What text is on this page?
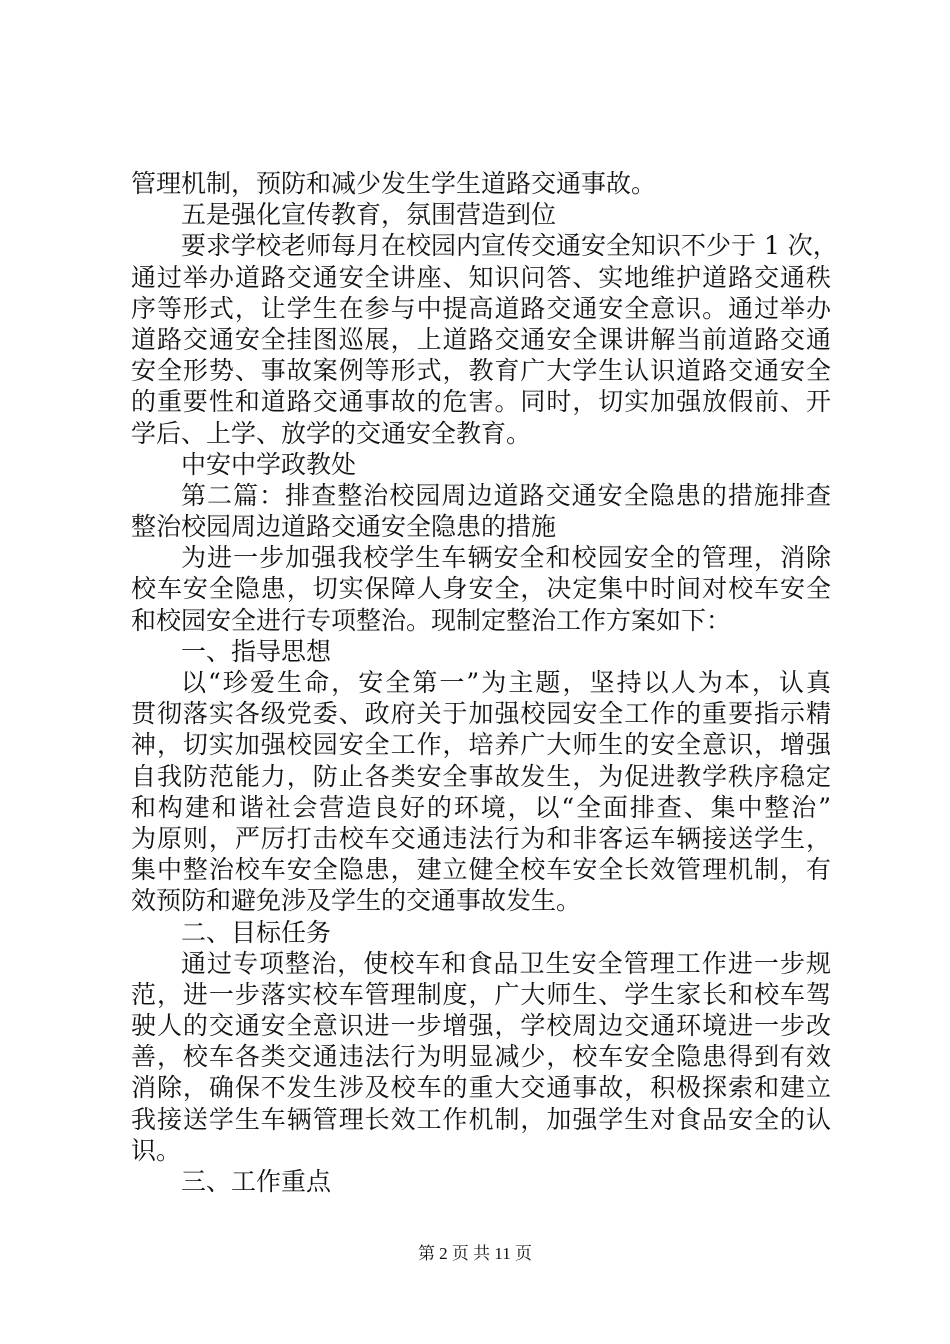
管理机制，预防和减少发生学生道路交通事故。
五是强化宣传教育，氛围营造到位
要求学校老师每月在校园内宣传交通安全知识不少于 1 次，
通过举办道路交通安全讲座、知识问答、实地维护道路交通秩
序等形式，让学生在参与中提高道路交通安全意识。通过举办
道路交通安全挂图巡展，上道路交通安全课讲解当前道路交通
安全形势、事故案例等形式，教育广大学生认识道路交通安全
的重要性和道路交通事故的危害。同时，切实加强放假前、开
学后、上学、放学的交通安全教育。
中安中学政教处
第二篇：排查整治校园周边道路交通安全隐患的措施排查
整治校园周边道路交通安全隐患的措施
为进一步加强我校学生车辆安全和校园安全的管理，消除
校车安全隐患，切实保障人身安全，决定集中时间对校车安全
和校园安全进行专项整治。现制定整治工作方案如下：
一、指导思想
以“珍爱生命，安全第一”为主题，坚持以人为本，认真
贯彻落实各级党委、政府关于加强校园安全工作的重要指示精
神，切实加强校园安全工作，培养广大师生的安全意识，增强
自我防范能力，防止各类安全事故发生，为促进教学秩序稳定
和构建和谐社会营造良好的环境，以“全面排查、集中整治”
为原则，严厉打击校车交通违法行为和非客运车辆接送学生，
集中整治校车安全隐患，建立健全校车安全长效管理机制，有
效预防和避免涉及学生的交通事故发生。
二、目标任务
通过专项整治，使校车和食品卫生安全管理工作进一步规
范，进一步落实校车管理制度，广大师生、学生家长和校车驾
驶人的交通安全意识进一步增强，学校周边交通环境进一步改
善，校车各类交通违法行为明显减少，校车安全隐患得到有效
消除，确保不发生涉及校车的重大交通事故，积极探索和建立
我接送学生车辆管理长效工作机制，加强学生对食品安全的认
识。
三、工作重点
第 2 页 共 11 页
